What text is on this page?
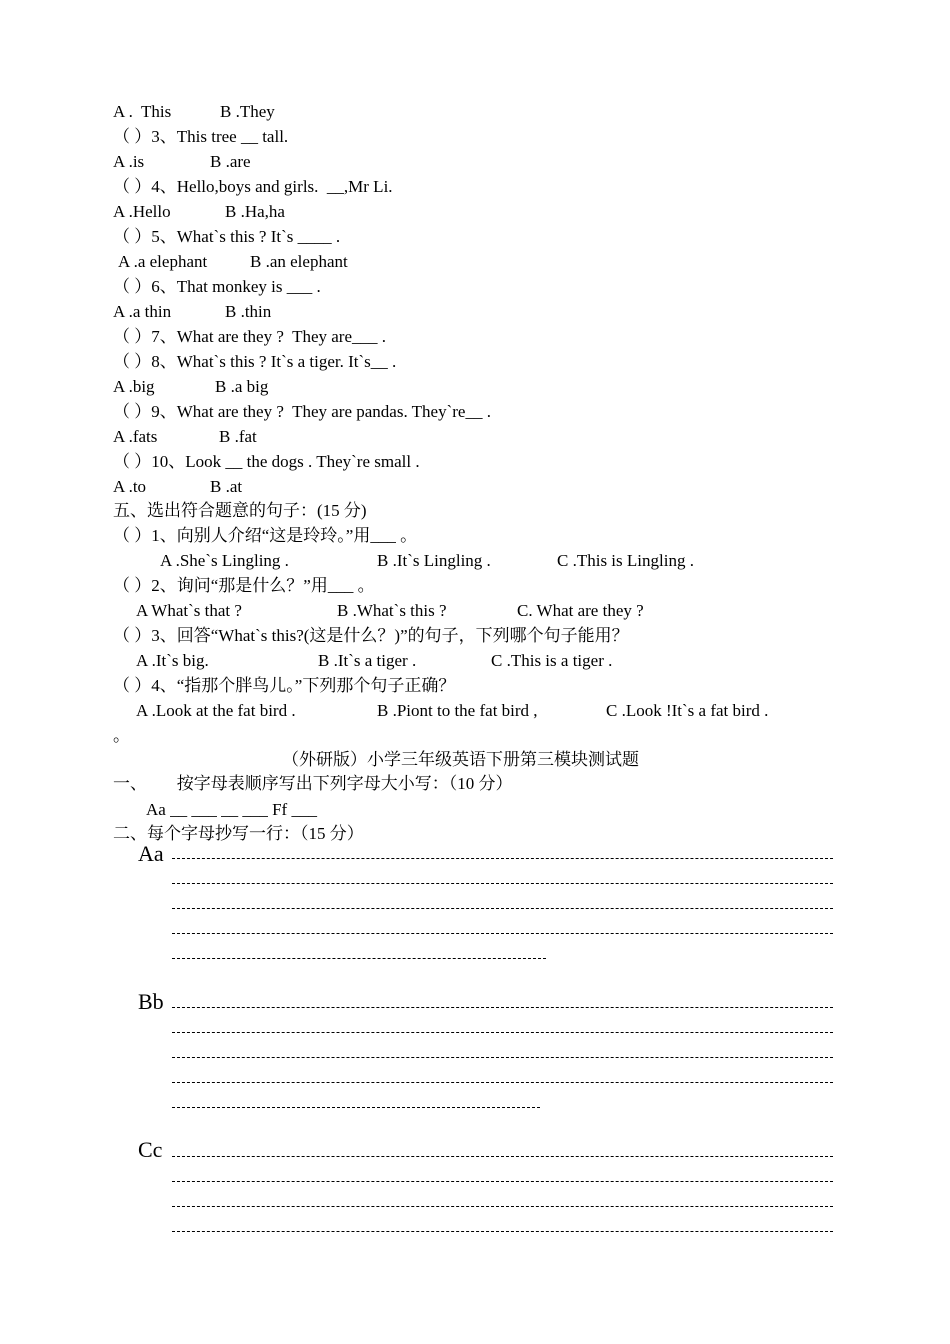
A .  This	B .They
（ ）3、This tree __ tall.
A .is	B .are
（ ）4、Hello,boys and girls.  __,Mr Li.
A .Hello	B .Ha,ha
（ ）5、What`s this ? It`s ____ .
A .a elephant	B .an elephant
（ ）6、That monkey is ___ .
A .a thin	B .thin
（ ）7、What are they ?  They are___ .
（ ）8、What`s this ? It`s a tiger. It`s__ .
A .big	B .a big
（ ）9、What are they ?  They are pandas. They`re__ .
A .fats	B .fat
（ ）10、Look __ the dogs . They`re small .
A .to	B .at
五、选出符合题意的句子：(15 分)
（ ）1、向别人介绍“这是玲玲。”用___ 。
A .She`s Lingling .	B .It`s Lingling .	C .This is Lingling .
（ ）2、询问“那是什么？”用___ 。
A What`s that ?	B .What`s this ?	C. What are they ?
（ ）3、回答“What`s this?(这是什么？)”的句子，下列哪个句子能用？
A .It`s big.	B .It`s a tiger .	C .This is a tiger .
（ ）4、“指那个胖鸟儿。”下列那个句子正确？
A .Look at the fat bird .	B .Piont to the fat bird ,	C .Look !It`s a fat bird .
。
（外研版）小学三年级英语下册第三模块测试题
一、       按字母表顺序写出下列字母大小写：（10 分）
Aa __ ___ __ ___ Ff ___
二、每个字母抄写一行：（15 分）
Aa
Bb
Cc
